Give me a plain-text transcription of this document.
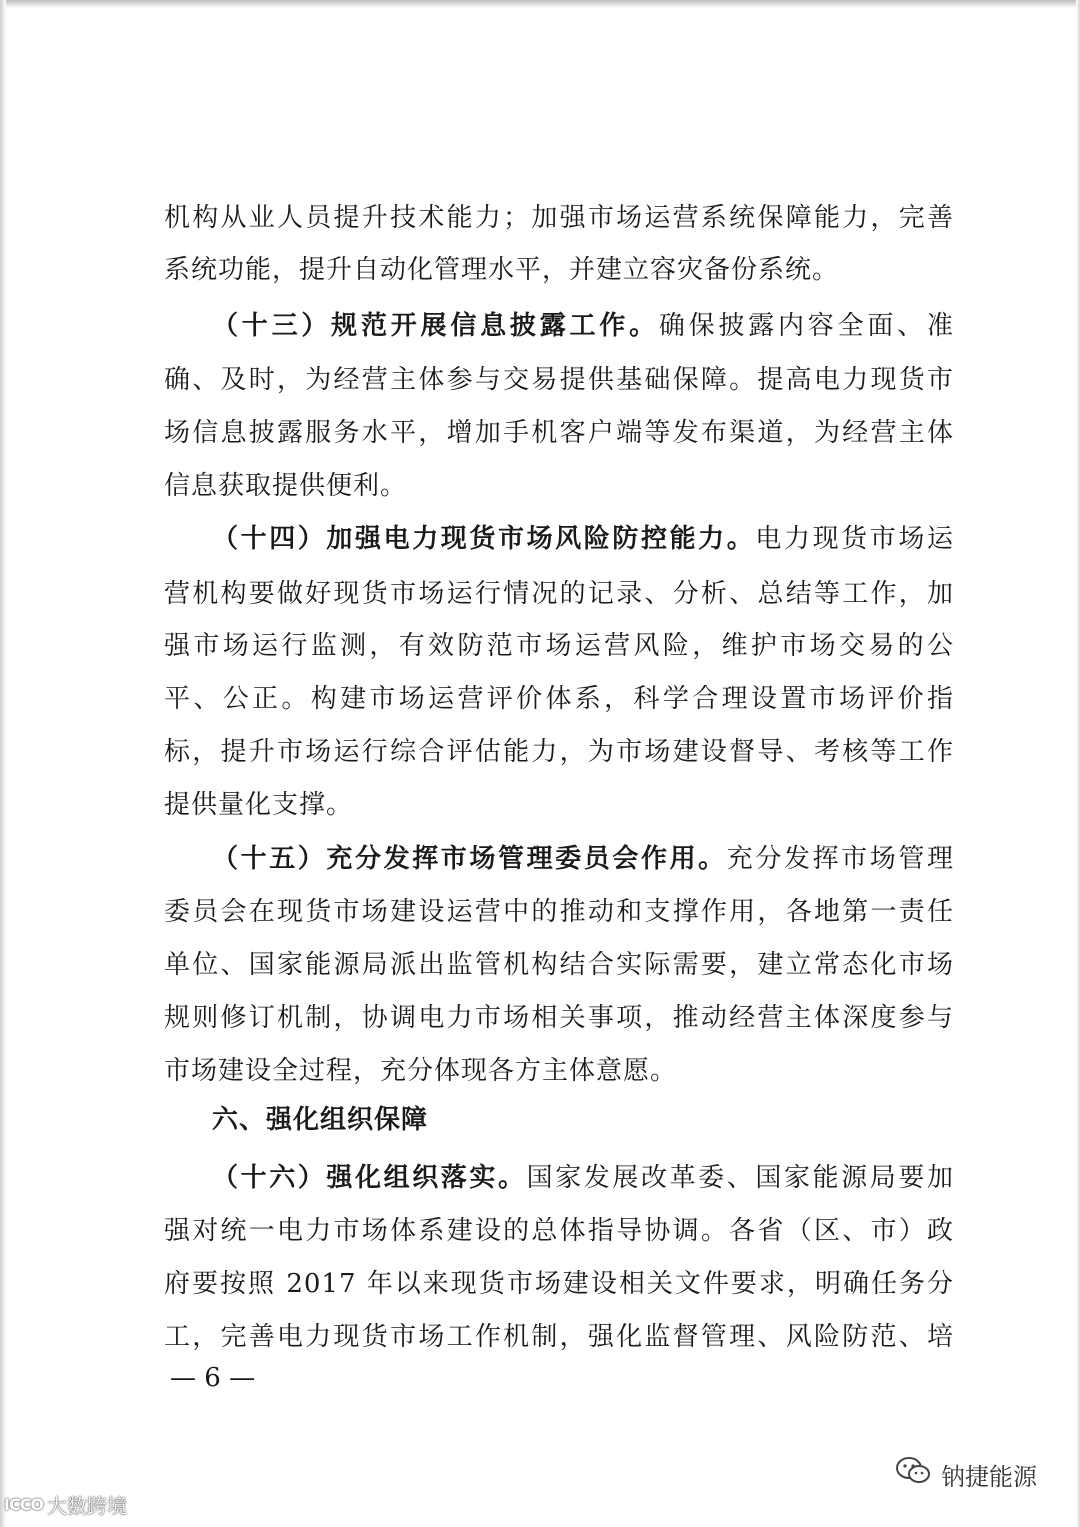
机构从业人员提升技术能力；加强市场运营系统保障能力，完善
系统功能，提升自动化管理水平，并建立容灾备份系统。
（十三）规范开展信息披露工作。确保披露内容全面、准
确、及时，为经营主体参与交易提供基础保障。提高电力现货市
场信息披露服务水平，增加手机客户端等发布渠道，为经营主体
信息获取提供便利。
（十四）加强电力现货市场风险防控能力。电力现货市场运
营机构要做好现货市场运行情况的记录、分析、总结等工作，加
强市场运行监测，有效防范市场运营风险，维护市场交易的公
平、公正。构建市场运营评价体系，科学合理设置市场评价指
标，提升市场运行综合评估能力，为市场建设督导、考核等工作
提供量化支撑。
（十五）充分发挥市场管理委员会作用。充分发挥市场管理
委员会在现货市场建设运营中的推动和支撑作用，各地第一责任
单位、国家能源局派出监管机构结合实际需要，建立常态化市场
规则修订机制，协调电力市场相关事项，推动经营主体深度参与
市场建设全过程，充分体现各方主体意愿。
六、强化组织保障
（十六）强化组织落实。国家发展改革委、国家能源局要加
强对统一电力市场体系建设的总体指导协调。各省（区、市）政
府要按照 2017 年以来现货市场建设相关文件要求，明确任务分
工，完善电力现货市场工作机制，强化监督管理、风险防范、培
— 6 —
ICCO 大数跨境
钠捷能源
